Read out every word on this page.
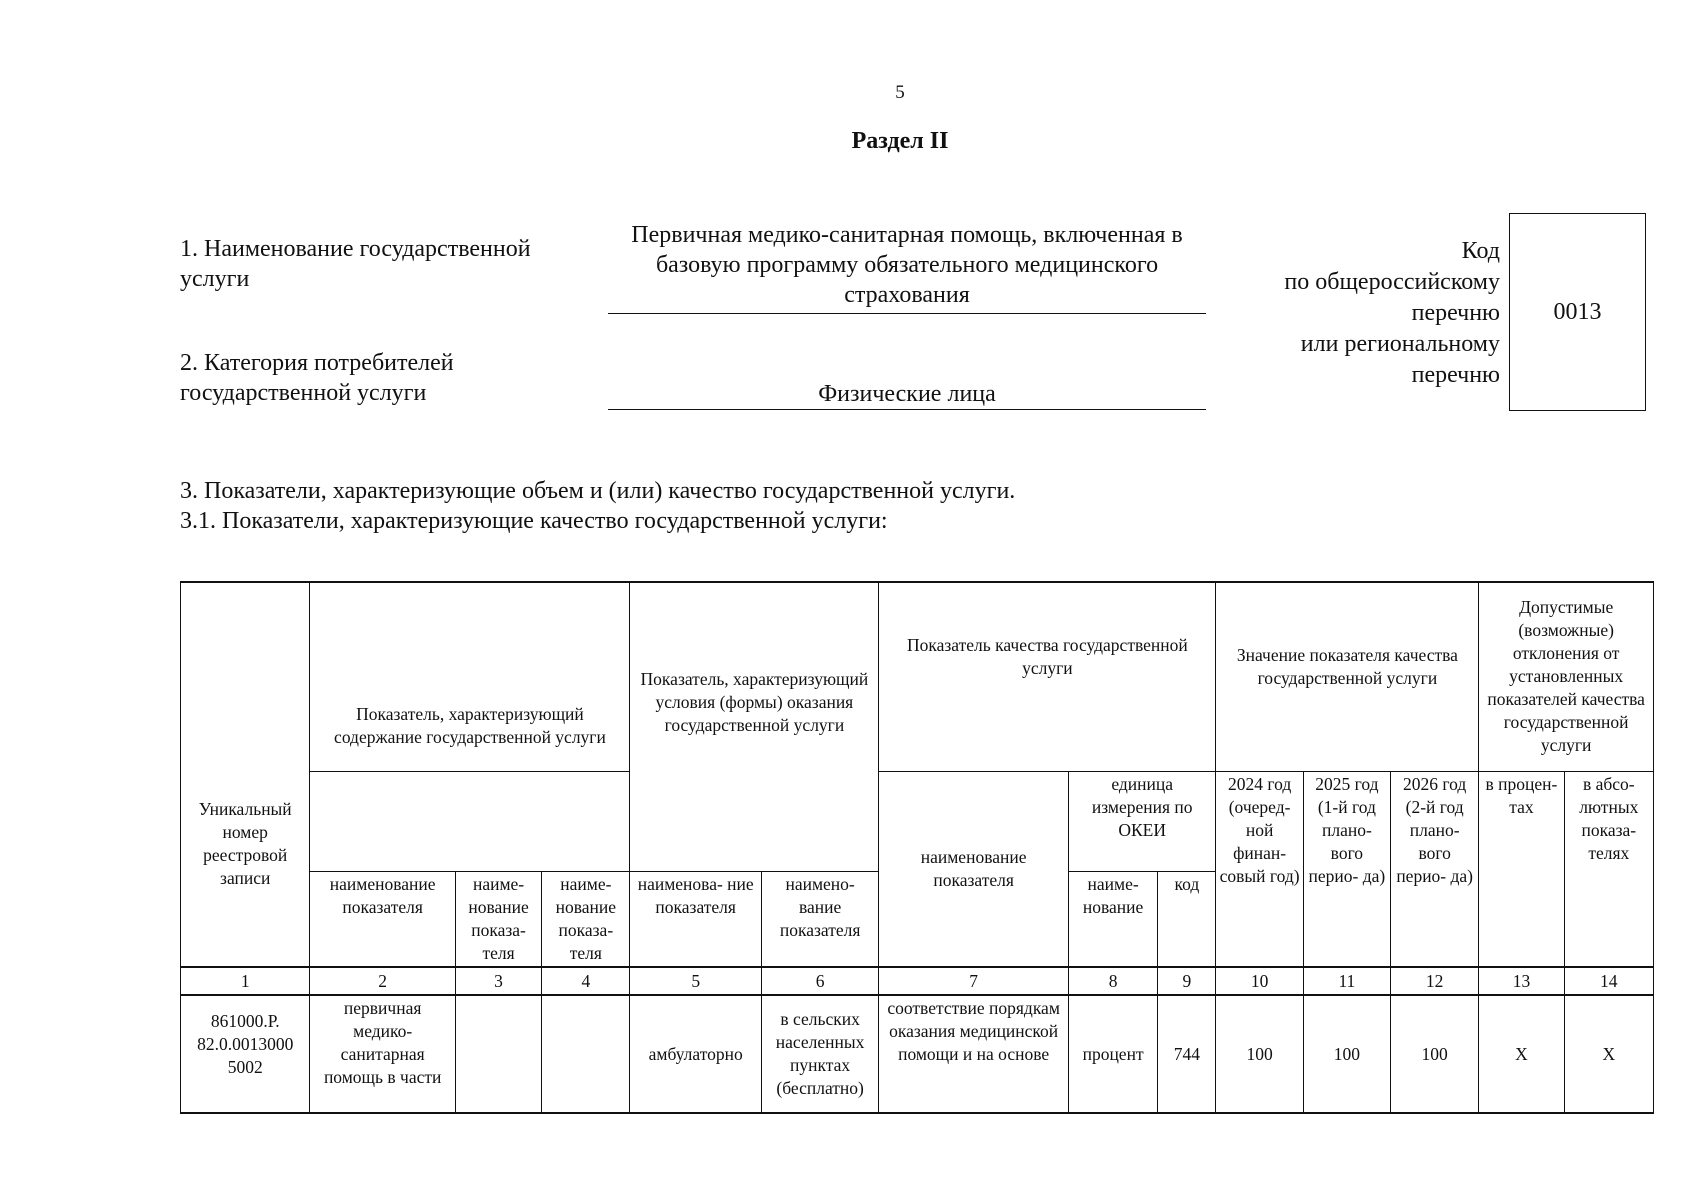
5
Раздел II
1. Наименование государственной услуги
Первичная медико-санитарная помощь, включенная в базовую программу обязательного медицинского страхования
2. Категория потребителей государственной услуги	Физические лица
Код
по общероссийскому
перечню
или региональному
перечню
0013
3. Показатели, характеризующие объем и (или) качество государственной услуги.
3.1. Показатели, характеризующие качество государственной услуги:
Уникальный номер реестровой записи	Показатель, характеризующий содержание государственной услуги			Показатель, характеризующий условия (формы) оказания государственной услуги		Показатель качества государственной услуги			Значение показателя качества государственной услуги			Допустимые (возможные) отклонения от установленных показателей качества государственной услуги	
						наименование показателя	единица измерения по ОКЕИ		2024 год (очеред- ной финан- совый год)	2025 год (1-й год плано- вого перио- да)	2026 год (2-й год плано- вого перио- да)	в процен- тах	в абсо- лютных показа- телях
	наименование показателя	наиме- нование показа- теля	наиме- нование показа- теля	наименова- ние показателя	наимено- вание показателя		наиме- нование	код					
1	2	3	4	5	6	7	8	9	10	11	12	13	14
861000.Р. 82.0.0013000 5002	первичная медико- санитарная помощь в части			амбулаторно	в сельских населенных пунктах (бесплатно)	соответствие порядкам оказания медицинской помощи и на основе	процент	744	100	100	100	Х	Х
